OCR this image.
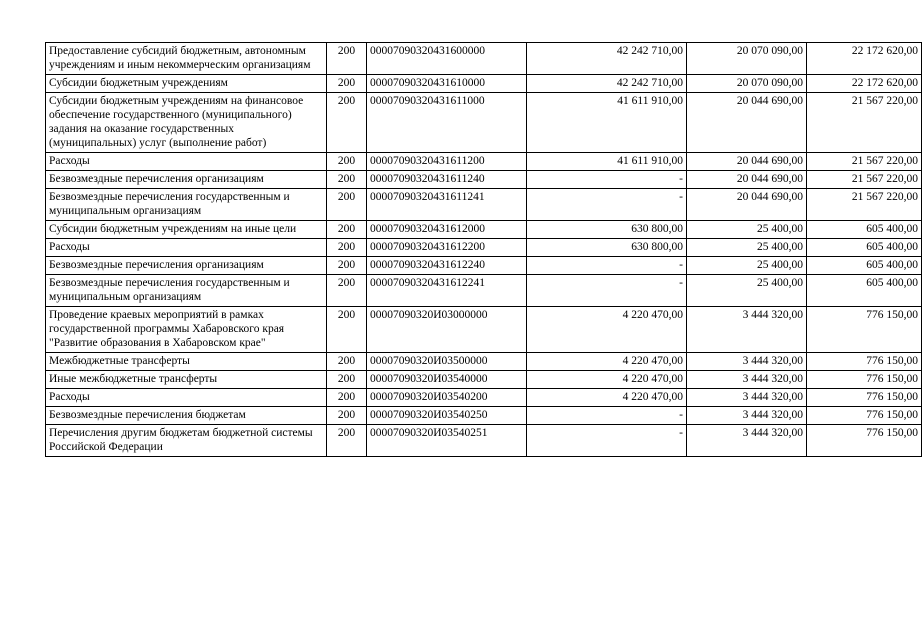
Предоставление субсидий бюджетным, автономным учреждениям и иным некоммерческим организациям	200	00007090320431600000	42 242 710,00	20 070 090,00	22 172 620,00
Субсидии бюджетным учреждениям	200	00007090320431610000	42 242 710,00	20 070 090,00	22 172 620,00
Субсидии бюджетным учреждениям на финансовое обеспечение государственного (муниципального) задания на оказание государственных (муниципальных) услуг (выполнение работ)	200	00007090320431611000	41 611 910,00	20 044 690,00	21 567 220,00
Расходы	200	00007090320431611200	41 611 910,00	20 044 690,00	21 567 220,00
Безвозмездные перечисления организациям	200	00007090320431611240	-	20 044 690,00	21 567 220,00
Безвозмездные перечисления государственным и муниципальным организациям	200	00007090320431611241	-	20 044 690,00	21 567 220,00
Субсидии бюджетным учреждениям на иные цели	200	00007090320431612000	630 800,00	25 400,00	605 400,00
Расходы	200	00007090320431612200	630 800,00	25 400,00	605 400,00
Безвозмездные перечисления организациям	200	00007090320431612240	-	25 400,00	605 400,00
Безвозмездные перечисления государственным и муниципальным организациям	200	00007090320431612241	-	25 400,00	605 400,00
Проведение краевых мероприятий в рамках государственной программы Хабаровского края "Развитие образования в Хабаровском крае"	200	00007090320И03000000	4 220 470,00	3 444 320,00	776 150,00
Межбюджетные трансферты	200	00007090320И03500000	4 220 470,00	3 444 320,00	776 150,00
Иные межбюджетные трансферты	200	00007090320И03540000	4 220 470,00	3 444 320,00	776 150,00
Расходы	200	00007090320И03540200	4 220 470,00	3 444 320,00	776 150,00
Безвозмездные перечисления бюджетам	200	00007090320И03540250	-	3 444 320,00	776 150,00
Перечисления другим бюджетам бюджетной системы Российской Федерации	200	00007090320И03540251	-	3 444 320,00	776 150,00
